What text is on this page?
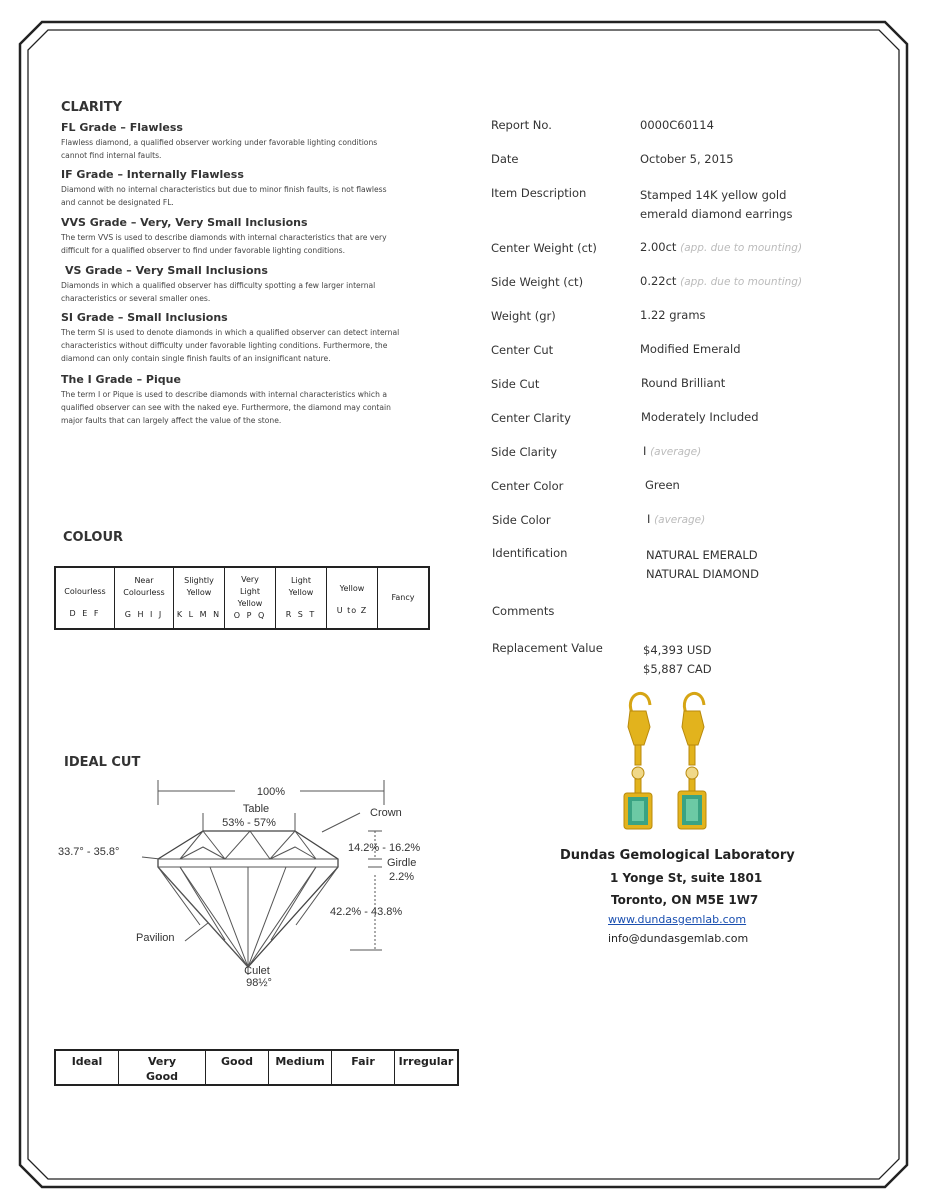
CLARITY
FL Grade – Flawless
Flawless diamond, a qualified observer working under favorable lighting conditions
cannot find internal faults.
IF Grade – Internally Flawless
Diamond with no internal characteristics but due to minor finish faults, is not flawless
and cannot be designated FL.
VVS Grade – Very, Very Small Inclusions
The term VVS is used to describe diamonds with internal characteristics that are very
difficult for a qualified observer to find under favorable lighting conditions.
VS Grade – Very Small Inclusions
Diamonds in which a qualified observer has difficulty spotting a few larger internal
characteristics or several smaller ones.
SI Grade – Small Inclusions
The term SI is used to denote diamonds in which a qualified observer can detect internal
characteristics without difficulty under favorable lighting conditions. Furthermore, the
diamond can only contain single finish faults of an insignificant nature.
The I Grade – Pique
The term I or Pique is used to describe diamonds with internal characteristics which a
qualified observer can see with the naked eye. Furthermore, the diamond may contain
major faults that can largely affect the value of the stone.
COLOUR
Colourless
D E F

Near Colourless
G H I J

Slightly Yellow
K L M N

Very Light Yellow
O P Q

Light Yellow
R S T

Yellow
U to Z

Fancy
IDEAL CUT
100%
Table
53% - 57%
Crown
33.7° - 35.8°	14.2% - 16.2%
Girdle
2.2%
42.2% - 43.8%
Pavilion
Culet
98½°
Ideal	Very Good	Good	Medium	Fair	Irregular
Report No.	0000C60114
Date	October 5, 2015
Item Description	Stamped 14K yellow gold
emerald diamond earrings
Center Weight (ct)	2.00ct (app. due to mounting)
Side Weight (ct)	0.22ct (app. due to mounting)
Weight (gr)	1.22 grams
Center Cut	Modified Emerald
Side Cut	Round Brilliant
Center Clarity	Moderately Included
Side Clarity	I (average)
Center Color	Green
Side Color	I (average)
Identification	NATURAL EMERALD
NATURAL DIAMOND
Comments
Replacement Value	$4,393 USD
$5,887 CAD
Dundas Gemological Laboratory
1 Yonge St, suite 1801
Toronto, ON M5E 1W7
www.dundasgemlab.com
info@dundasgemlab.com
